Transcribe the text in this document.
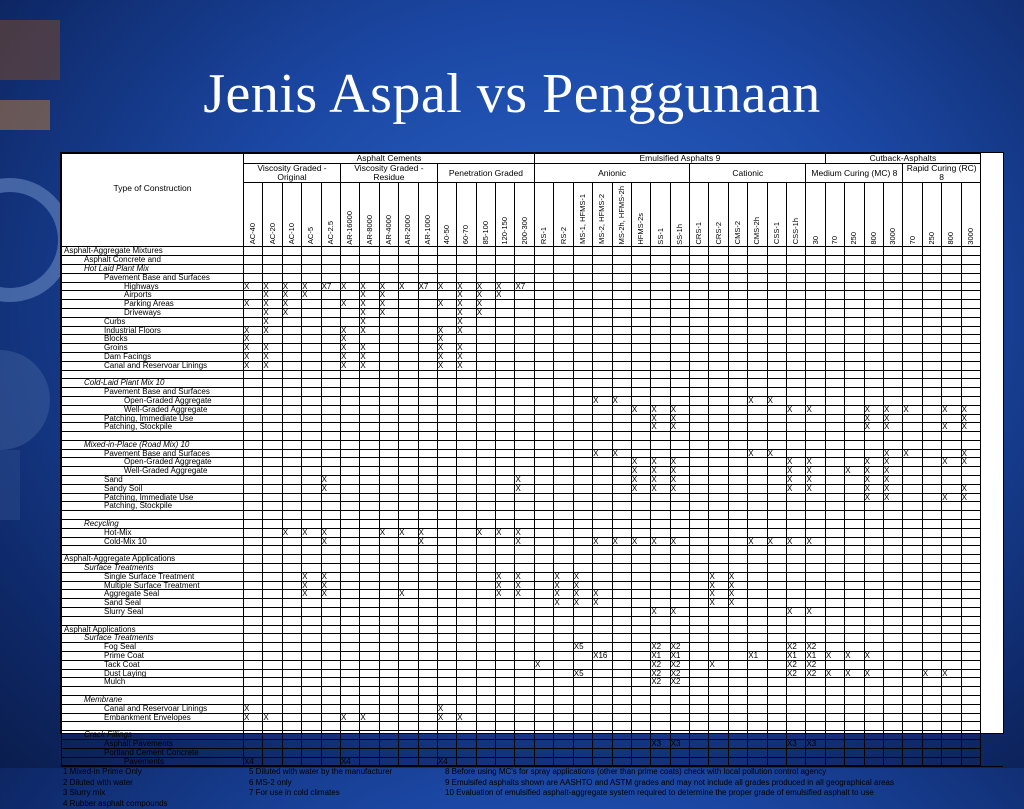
Jenis Aspal vs Penggunaan
Type of Construction	Asphalt Cements															Emulsified Asphalts 9															Cutback-Asphalts							
	Viscosity Graded -Original					Viscosity Graded -Residue					Penetration Graded					Anionic								Cationic						Medium Curing (MC) 8					Rapid Curing (RC) 8			
	AC-40	AC-20	AC-10	AC-5	AC-2.5	AR-16000	AR-8000	AR-4000	AR-2000	AR-1000	40-50	60-70	85-100	120-150	200-300	RS-1	RS-2	MS-1, HFMS-1	MS-2, HFMS-2	MS-2h, HFMS-2h	HFMS-2s	SS-1	SS-1h	CRS-1	CRS-2	CMS-2	CMS-2h	CSS-1	CSS-1h	30	70	250	800	3000	70	250	800	3000
Asphalt-Aggregate Mixtures																																						
Asphalt Concrete and																																						
Hot Laid Plant Mix																																						
Pavement Base and Surfaces																																						
Highways	X	X	X	X	X7	X	X	X	X	X7	X	X	X	X	X7																							
Airports		X	X	X			X	X				X	X	X																								
Parking Areas	X	X	X			X	X	X			X	X	X																									
Driveways		X	X				X	X				X	X																									
Curbs		X					X					X																										
Industrial Floors	X	X				X	X				X	X																										
Blocks	X					X					X																											
Groins	X	X				X	X				X	X																										
Dam Facings	X	X				X	X				X	X																										
Canal and Reservoar Linings	X	X				X	X				X	X																										

Cold-Laid Plant Mix 10																																						
Pavement Base and Surfaces																																						
Open-Graded Aggregate																			X	X							X	X										
Well-Graded Aggregate																					X	X	X						X	X			X	X	X		X	X
Patching, Immediate Use																						X	X										X	X				X
Patching, Stockpile																						X	X										X	X			X	X

Mixed-in-Place (Road Mix) 10																																						
Pavement Base and Surfaces																			X	X							X	X						X	X			X
Open-Graded Aggregate																					X	X	X						X	X			X	X			X	X
Well-Graded Aggregate																					X	X	X						X	X		X	X	X				
Sand					X										X						X	X	X						X	X			X	X				
Sandy Soil					X										X						X	X	X						X	X			X	X				X
Patching, Immediate Use																																	X	X			X	X
Patching, Stockpile																																						

Recycling																																						
Hot-Mix			X	X	X			X	X	X			X	X	X																							
Cold-Mix 10					X					X					X				X	X	X	X	X				X	X	X	X								

Asphalt-Aggregate Applications																																						
Surface Treatments																																						
Single Surface Treatment				X	X									X	X		X	X							X	X												
Multiple Surface Treatment				X	X									X	X		X	X							X	X												
Aggregate Seal				X	X				X					X	X		X	X	X						X	X												
Sand Seal																	X	X	X						X	X												
Slurry Seal																						X	X						X	X								

Asphalt Applications																																						
Surface Treatments																																						
Fog Seal																		X5				X2	X2						X2	X2								
Prime Coat																			X16			X1	X1				X1		X1	X1	X	X	X					
Tack Coat																X						X2	X2		X				X2	X2								
Dust Laying																		X5				X2	X2						X2	X2	X	X	X			X	X	
Mulch																						X2	X2															

Membrane																																						
Canal and Reservoar Linings	X										X																											
Embankment Envelopes	X	X				X	X				X	X																										

Crack Fillings																																						
Asphalt Pavements																						X3	X3						X3	X3								
Portland Cement Concrete																																						
Pavements	X4					X4					X4																											
1 Mixed-in Prime Only	5 Diluted with water by the manufacturer	8 Before using MC's for spray applications (other than prime coats) check with local pollution control agency
2 Diluted with water	6 MS-2 only	9 Emulsifed asphalts shown are AASHTO and ASTM grades and may not include all grades produced in all geographical areas
3 Slurry mix	7 For use in cold climates	10 Evaluation of emulsified asphalt-aggregate system required to determine the proper grade of emulsified asphalt to use
4 Rubber asphalt compounds		
